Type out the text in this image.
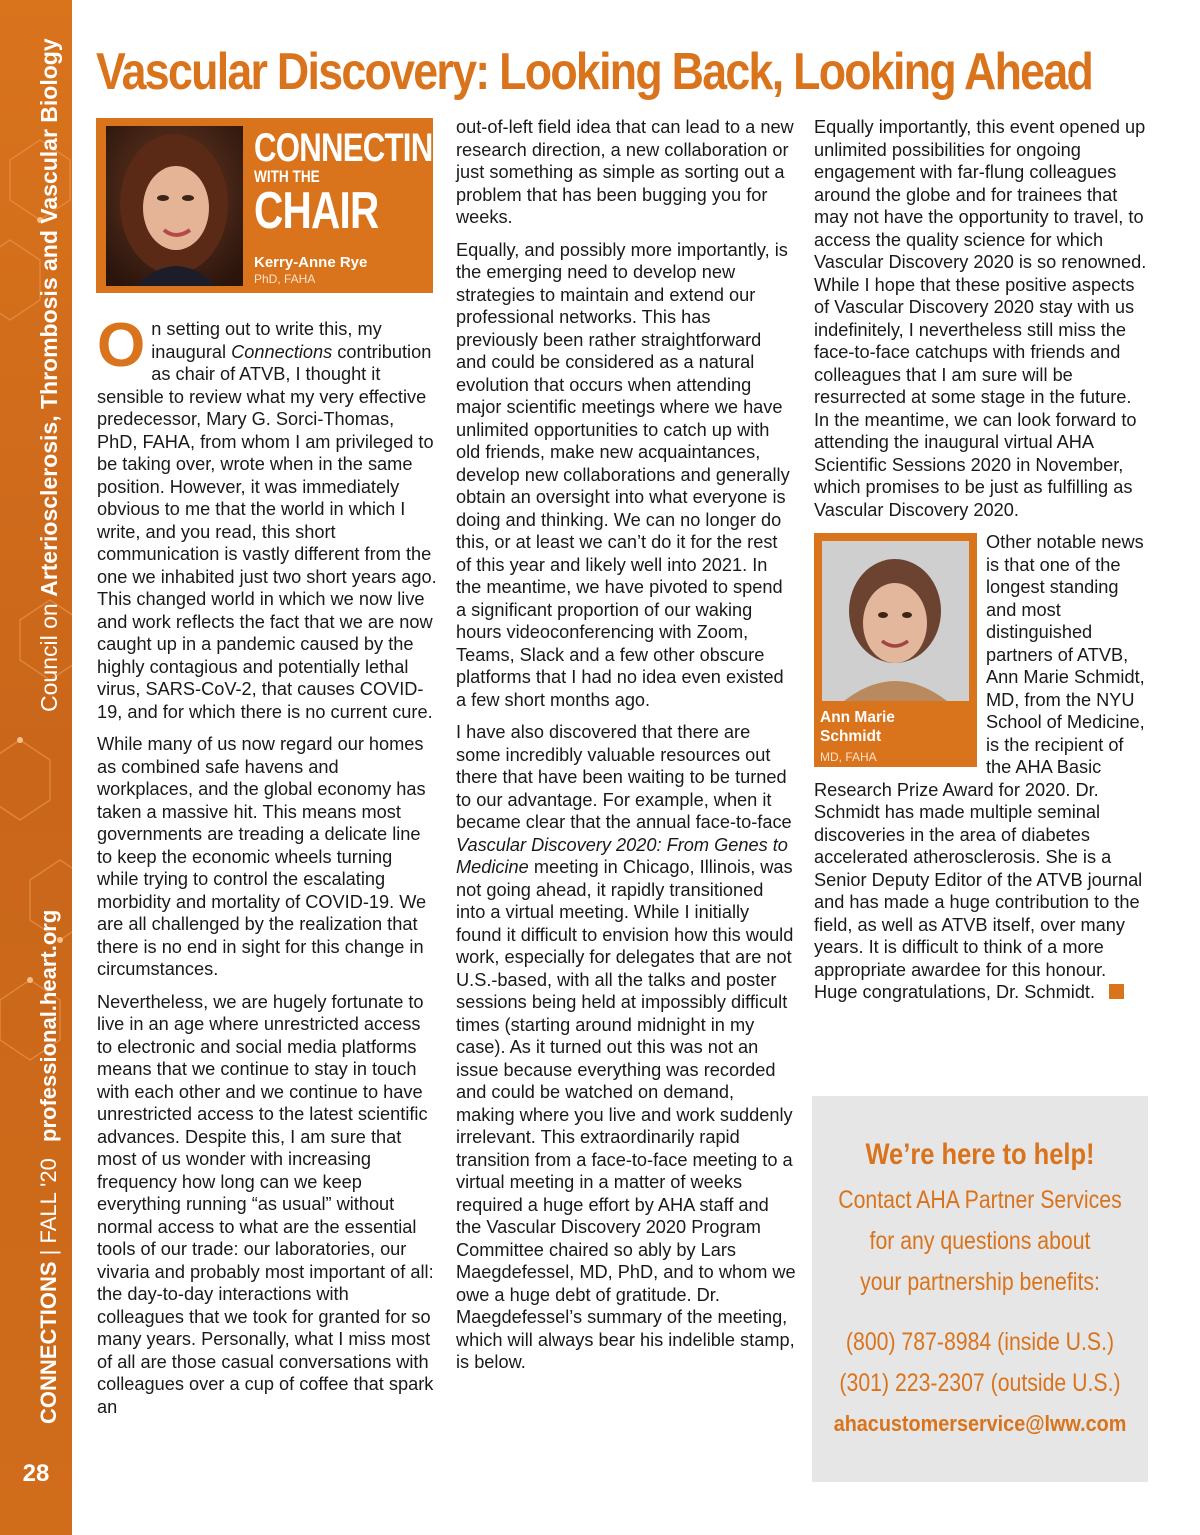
Council on Arteriosclerosis, Thrombosis and Vascular Biology
professional.heart.org
CONNECTIONS | FALL '20
28
Vascular Discovery: Looking Back, Looking Ahead
CONNECTING
WITH THE
CHAIR
Kerry-Anne Rye
PhD, FAHA

On setting out to write this, my inaugural Connections contribution as chair of ATVB, I thought it sensible to review what my very effective predecessor, Mary G. Sorci-Thomas, PhD, FAHA, from whom I am privileged to be taking over, wrote when in the same position. However, it was immediately obvious to me that the world in which I write, and you read, this short communication is vastly different from the one we inhabited just two short years ago. This changed world in which we now live and work reflects the fact that we are now caught up in a pandemic caused by the highly contagious and potentially lethal virus, SARS-CoV-2, that causes COVID-19, and for which there is no current cure.

While many of us now regard our homes as combined safe havens and workplaces, and the global economy has taken a massive hit. This means most governments are treading a delicate line to keep the economic wheels turning while trying to control the escalating morbidity and mortality of COVID-19. We are all challenged by the realization that there is no end in sight for this change in circumstances.

Nevertheless, we are hugely fortunate to live in an age where unrestricted access to electronic and social media platforms means that we continue to stay in touch with each other and we continue to have unrestricted access to the latest scientific advances. Despite this, I am sure that most of us wonder with increasing frequency how long can we keep everything running “as usual” without normal access to what are the essential tools of our trade: our laboratories, our vivaria and probably most important of all: the day-to-day interactions with colleagues that we took for granted for so many years. Personally, what I miss most of all are those casual conversations with colleagues over a cup of coffee that spark an

out-of-left field idea that can lead to a new research direction, a new collaboration or just something as simple as sorting out a problem that has been bugging you for weeks.

Equally, and possibly more importantly, is the emerging need to develop new strategies to maintain and extend our professional networks. This has previously been rather straightforward and could be considered as a natural evolution that occurs when attending major scientific meetings where we have unlimited opportunities to catch up with old friends, make new acquaintances, develop new collaborations and generally obtain an oversight into what everyone is doing and thinking. We can no longer do this, or at least we can’t do it for the rest of this year and likely well into 2021. In the meantime, we have pivoted to spend a significant proportion of our waking hours videoconferencing with Zoom, Teams, Slack and a few other obscure platforms that I had no idea even existed a few short months ago.

I have also discovered that there are some incredibly valuable resources out there that have been waiting to be turned to our advantage. For example, when it became clear that the annual face-to-face Vascular Discovery 2020: From Genes to Medicine meeting in Chicago, Illinois, was not going ahead, it rapidly transitioned into a virtual meeting. While I initially found it difficult to envision how this would work, especially for delegates that are not U.S.-based, with all the talks and poster sessions being held at impossibly difficult times (starting around midnight in my case). As it turned out this was not an issue because everything was recorded and could be watched on demand, making where you live and work suddenly irrelevant. This extraordinarily rapid transition from a face-to-face meeting to a virtual meeting in a matter of weeks required a huge effort by AHA staff and the Vascular Discovery 2020 Program Committee chaired so ably by Lars Maegdefessel, MD, PhD, and to whom we owe a huge debt of gratitude. Dr. Maegdefessel’s summary of the meeting, which will always bear his indelible stamp, is below.

Equally importantly, this event opened up unlimited possibilities for ongoing engagement with far-flung colleagues around the globe and for trainees that may not have the opportunity to travel, to access the quality science for which Vascular Discovery 2020 is so renowned. While I hope that these positive aspects of Vascular Discovery 2020 stay with us indefinitely, I nevertheless still miss the face-to-face catchups with friends and colleagues that I am sure will be resurrected at some stage in the future. In the meantime, we can look forward to attending the inaugural virtual AHA Scientific Sessions 2020 in November, which promises to be just as fulfilling as Vascular Discovery 2020.

Ann Marie
Schmidt
MD, FAHA

Other notable news is that one of the longest standing and most distinguished partners of ATVB, Ann Marie Schmidt, MD, from the NYU School of Medicine, is the recipient of the AHA Basic Research Prize Award for 2020. Dr. Schmidt has made multiple seminal discoveries in the area of diabetes accelerated atherosclerosis. She is a Senior Deputy Editor of the ATVB journal and has made a huge contribution to the field, as well as ATVB itself, over many years. It is difficult to think of a more appropriate awardee for this honour. Huge congratulations, Dr. Schmidt.

We’re here to help!
Contact AHA Partner Services
for any questions about
your partnership benefits:
(800) 787-8984 (inside U.S.)
(301) 223-2307 (outside U.S.)
ahacustomerservice@lww.com
